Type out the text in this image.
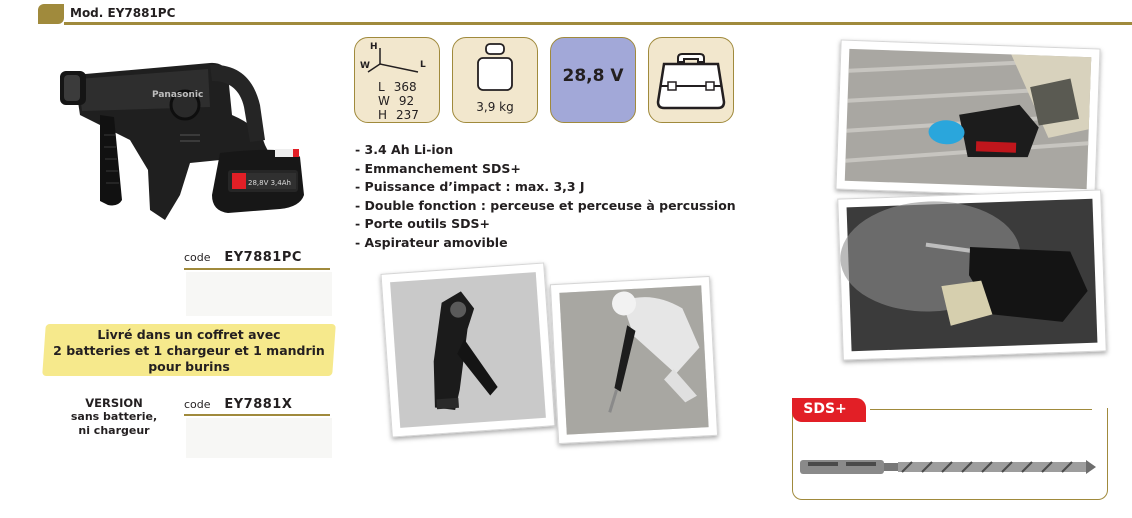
Mod. EY7881PC
28,8V 3,4Ah
Panasonic
code EY7881PC
Livré dans un coffret avec
2 batteries et 1 chargeur et 1 mandrin
pour burins
VERSION
sans batterie,
ni chargeur
code EY7881X
H
W	L
L 368
W 92
H 237
3,9 kg
28,8 V
- 3.4 Ah Li-ion
- Emmanchement SDS+
- Puissance d’impact : max. 3,3 J
- Double fonction : perceuse et perceuse à percussion
- Porte outils SDS+
- Aspirateur amovible
SDS+
